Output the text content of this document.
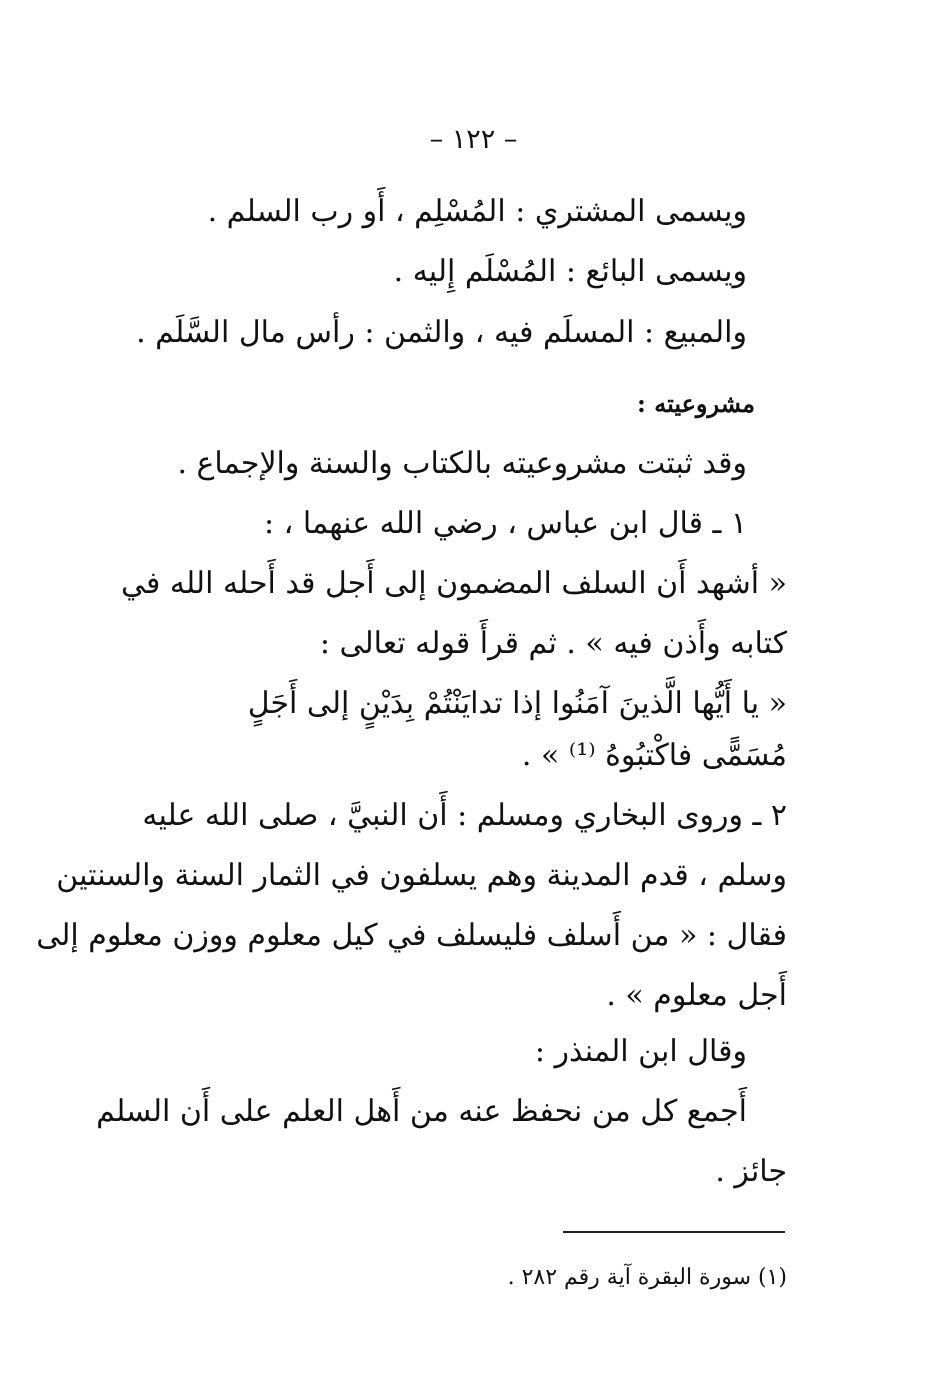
– ١٢٢ –
ويسمى المشتري : المُسْلِم ، أَو رب السلم .
ويسمى البائع : المُسْلَم إِليه .
والمبيع : المسلَم فيه ، والثمن : رأس مال السَّلَم .
مشروعيته :
وقد ثبتت مشروعيته بالكتاب والسنة والإجماع .
١ ـ قال ابن عباس ، رضي الله عنهما ، :
« أشهد أَن السلف المضمون إلى أَجل قد أَحله الله في
كتابه وأَذن فيه » . ثم قرأَ قوله تعالى :
« يا أَيُّها الَّذينَ آمَنُوا إذا تدايَنْتُمْ بِدَيْنٍ إلى أَجَلٍ
مُسَمًّى فاكْتبُوهُ ⁽¹⁾ » .
٢ ـ وروى البخاري ومسلم : أَن النبيَّ ، صلى الله عليه
وسلم ، قدم المدينة وهم يسلفون في الثمار السنة والسنتين
فقال : « من أَسلف فليسلف في كيل معلوم ووزن معلوم إلى
أَجل معلوم » .
وقال ابن المنذر :
أَجمع كل من نحفظ عنه من أَهل العلم على أَن السلم
جائز .
(١) سورة البقرة آية رقم ٢٨٢ .
